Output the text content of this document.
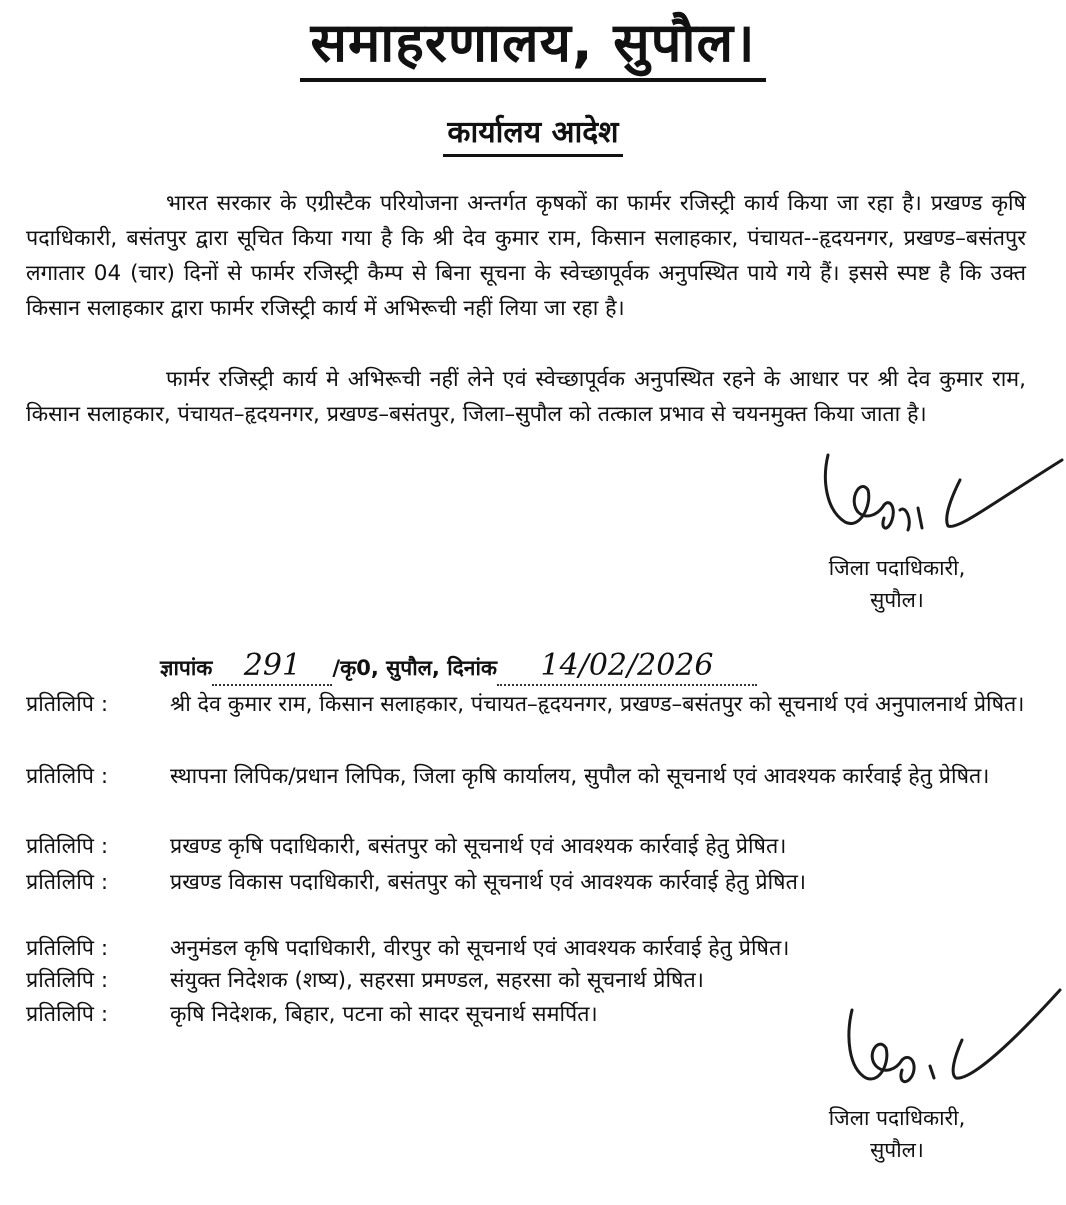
समाहरणालय, सुपौल।
कार्यालय आदेश

भारत सरकार के एग्रीस्टैक परियोजना अन्तर्गत कृषकों का फार्मर रजिस्ट्री कार्य किया जा रहा है। प्रखण्ड कृषि पदाधिकारी, बसंतपुर द्वारा सूचित किया गया है कि श्री देव कुमार राम, किसान सलाहकार, पंचायत--हृदयनगर, प्रखण्ड–बसंतपुर लगातार 04 (चार) दिनों से फार्मर रजिस्ट्री कैम्प से बिना सूचना के स्वेच्छापूर्वक अनुपस्थित पाये गये हैं। इससे स्पष्ट है कि उक्त किसान सलाहकार द्वारा फार्मर रजिस्ट्री कार्य में अभिरूची नहीं लिया जा रहा है।

फार्मर रजिस्ट्री कार्य मे अभिरूची नहीं लेने एवं स्वेच्छापूर्वक अनुपस्थित रहने के आधार पर श्री देव कुमार राम, किसान सलाहकार, पंचायत–हृदयनगर, प्रखण्ड–बसंतपुर, जिला–सुपौल को तत्काल प्रभाव से चयनमुक्त किया जाता है।

जिला पदाधिकारी,
सुपौल।
ज्ञापांक 291 /कृ0, सुपौल, दिनांक 14/02/2026
प्रतिलिपि :	श्री देव कुमार राम, किसान सलाहकार, पंचायत–हृदयनगर, प्रखण्ड–बसंतपुर को सूचनार्थ एवं अनुपालनार्थ प्रेषित।
प्रतिलिपि :	स्थापना लिपिक/प्रधान लिपिक, जिला कृषि कार्यालय, सुपौल को सूचनार्थ एवं आवश्यक कार्रवाई हेतु प्रेषित।
प्रतिलिपि :	प्रखण्ड कृषि पदाधिकारी, बसंतपुर को सूचनार्थ एवं आवश्यक कार्रवाई हेतु प्रेषित।
प्रतिलिपि :	प्रखण्ड विकास पदाधिकारी, बसंतपुर को सूचनार्थ एवं आवश्यक कार्रवाई हेतु प्रेषित।
प्रतिलिपि :	अनुमंडल कृषि पदाधिकारी, वीरपुर को सूचनार्थ एवं आवश्यक कार्रवाई हेतु प्रेषित।
प्रतिलिपि :	संयुक्त निदेशक (शष्य), सहरसा प्रमण्डल, सहरसा को सूचनार्थ प्रेषित।
प्रतिलिपि :	कृषि निदेशक, बिहार, पटना को सादर सूचनार्थ समर्पित।
जिला पदाधिकारी,
सुपौल।
